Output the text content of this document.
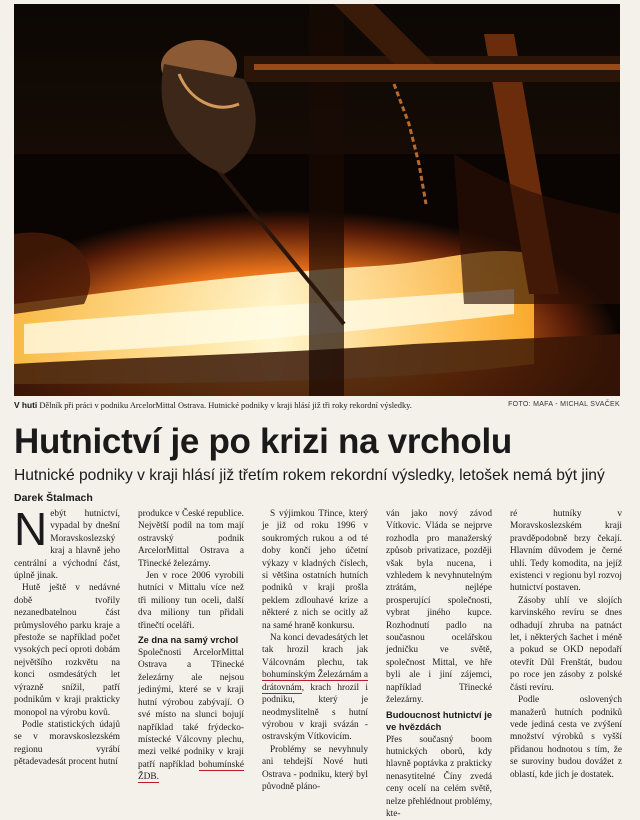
V huti Dělník při práci v podniku ArcelorMittal Ostrava. Hutnické podniky v kraji hlásí již tři roky rekordní výsledky.	FOTO: MAFA - MICHAL SVAČEK
Hutnictví je po krizi na vrcholu
Hutnické podniky v kraji hlásí již třetím rokem rekordní výsledky, letošek nemá být jiný
Darek Štalmach
N ebýt hutnictví, vypadal by dnešní Moravskoslezský kraj a hlavně jeho centrální a východní část, úplně jinak.

Hutě ještě v nedávné době tvořily nezanedbatelnou část průmyslového parku kraje a přestože se například počet vysokých pecí oproti dobám největšího rozkvětu na konci osmdesátých let výrazně snížil, patří podnikům v kraji prakticky monopol na výrobu kovů.

Podle statistických údajů se v moravskoslezském regionu vyrábí pětadevadesát procent hutní

produkce v České republice. Největší podíl na tom mají ostravský podnik ArcelorMittal Ostrava a Třinecké železárny.

Jen v roce 2006 vyrobili hutníci v Mittalu více než tři miliony tun oceli, další dva miliony tun přidali třinečtí oceláři.

Ze dna na samý vrchol

Společnosti ArcelorMittal Ostrava a Třinecké železárny ale nejsou jedinými, které se v kraji hutní výrobou zabývají. O své místo na slunci bojují například také frýdecko-místecké Válcovny plechu, mezi velké podniky v kraji patří například bohumínské ŽDB.

S výjimkou Třince, který je již od roku 1996 v soukromých rukou a od té doby končí jeho účetní výkazy v kladných číslech, si většina ostatních hutních podniků v kraji prošla peklem zdlouhavé krize a některé z nich se ocitly až na samé hraně konkursu.

Na konci devadesátých let tak hrozil krach jak Válcovnám plechu, tak bohumínským Železárnám a drátovnám, krach hrozil i podniku, který je neodmyslitelně s hutní výrobou v kraji svázán - ostravským Vítkovicím.

Problémy se nevyhnuly ani tehdejší Nové huti Ostrava - podniku, který byl původně pláno-

ván jako nový závod Vítkovic. Vláda se nejprve rozhodla pro manažerský způsob privatizace, později však byla nucena, i vzhledem k nevyhnutelným ztrátám, nejlépe prosperující společnosti, vybrat jiného kupce. Rozhodnutí padlo na současnou ocelářskou jedničku ve světě, společnost Mittal, ve hře byli ale i jiní zájemci, například Třinecké železárny.

Budoucnost hutnictví je ve hvězdách

Přes současný boom hutnických oborů, kdy hlavně poptávka z prakticky nenasytitelné Číny zvedá ceny ocelí na celém světě, nelze přehlédnout problémy, kte-

ré hutníky v Moravskoslezském kraji pravděpodobně brzy čekají. Hlavním důvodem je černé uhlí. Tedy komodita, na jejíž existenci v regionu byl rozvoj hutnictví postaven.

Zásoby uhlí ve slojích karvinského revíru se dnes odhadují zhruba na patnáct let, i některých šachet i méně a pokud se OKD nepodaří otevřít Důl Frenštát, budou po roce jen zásoby z polské části revíru.

Podle oslovených manažerů hutních podniků vede jediná cesta ve zvýšení množství výrobků s vyšší přidanou hodnotou s tím, že se suroviny budou dovážet z oblastí, kde jich je dostatek.
